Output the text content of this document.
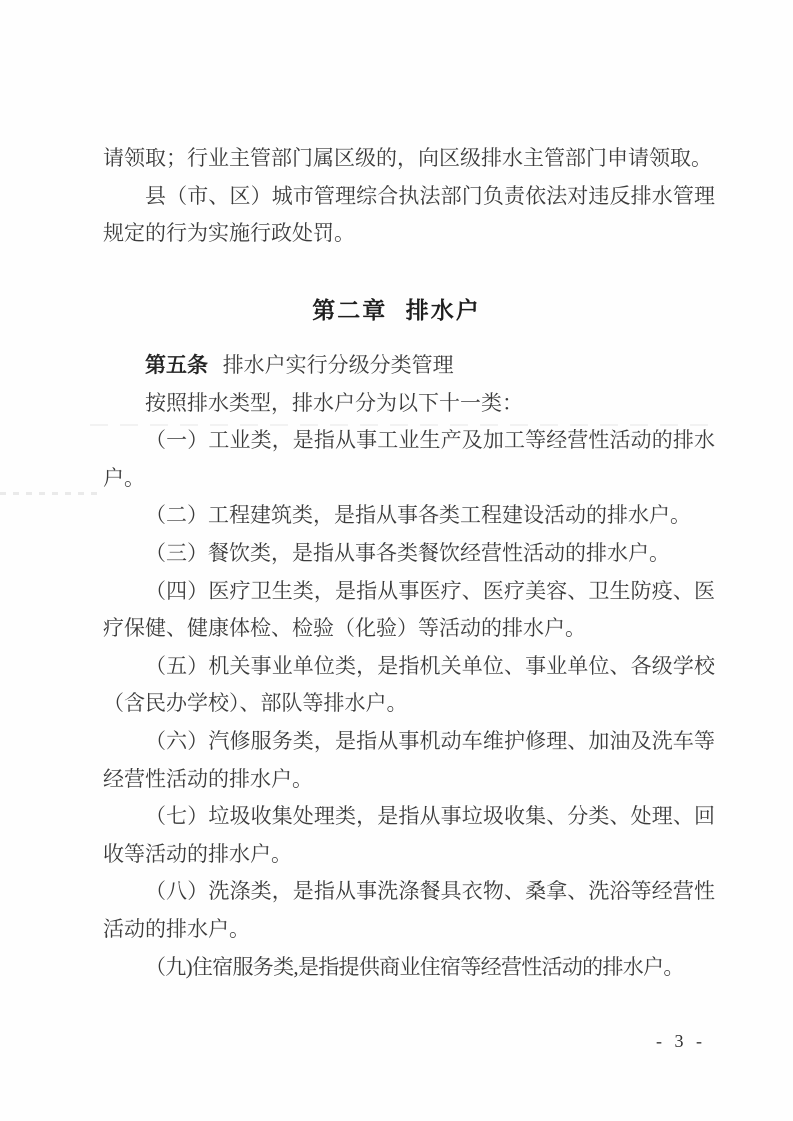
请领取；行业主管部门属区级的，向区级排水主管部门申请领取。

县（市、区）城市管理综合执法部门负责依法对违反排水管理规定的行为实施行政处罚。

第二章 排水户

第五条 排水户实行分级分类管理

按照排水类型，排水户分为以下十一类：

（一）工业类，是指从事工业生产及加工等经营性活动的排水户。

（二）工程建筑类，是指从事各类工程建设活动的排水户。

（三）餐饮类，是指从事各类餐饮经营性活动的排水户。

（四）医疗卫生类，是指从事医疗、医疗美容、卫生防疫、医疗保健、健康体检、检验（化验）等活动的排水户。

（五）机关事业单位类，是指机关单位、事业单位、各级学校（含民办学校）、部队等排水户。

（六）汽修服务类，是指从事机动车维护修理、加油及洗车等经营性活动的排水户。

（七）垃圾收集处理类，是指从事垃圾收集、分类、处理、回收等活动的排水户。

（八）洗涤类，是指从事洗涤餐具衣物、桑拿、洗浴等经营性活动的排水户。

（九)住宿服务类,是指提供商业住宿等经营性活动的排水户。

- 3 -
